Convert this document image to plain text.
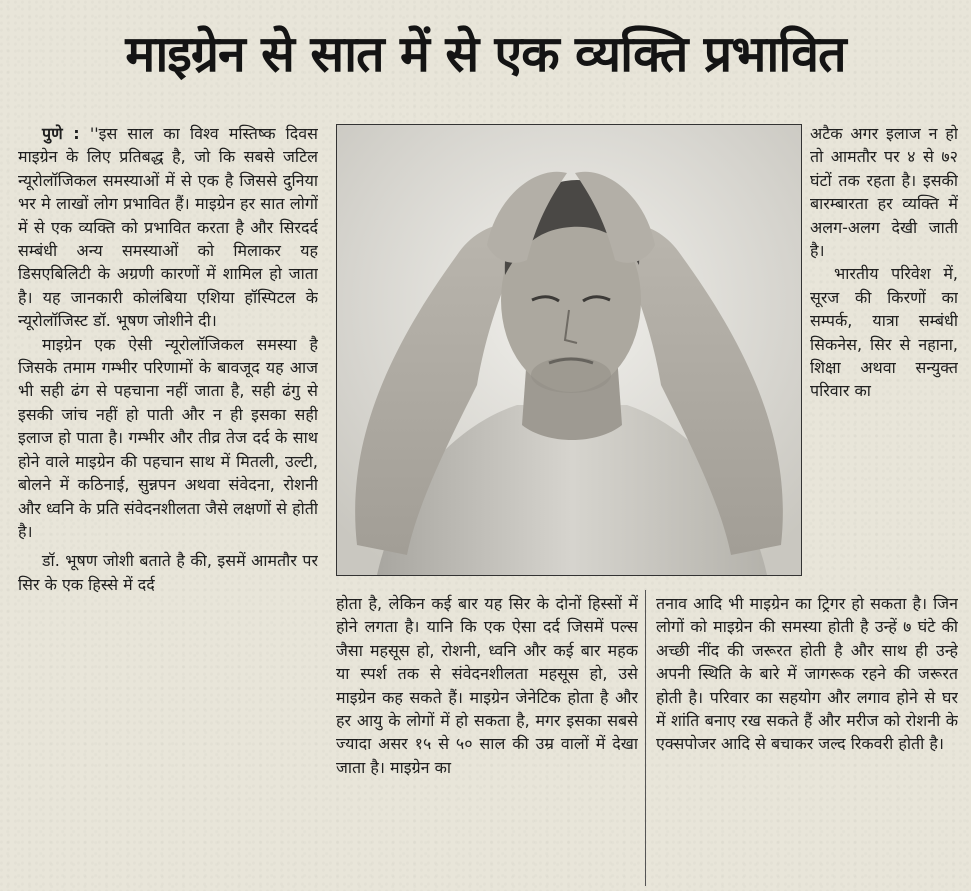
माइग्रेन से सात में से एक व्यक्ति प्रभावित

पुणे : ''इस साल का विश्व मस्तिष्क दिवस माइग्रेन के लिए प्रतिबद्ध है, जो कि सबसे जटिल न्यूरोलॉजिकल समस्याओं में से एक है जिससे दुनिया भर मे लाखों लोग प्रभावित हैं। माइग्रेन हर सात लोगों में से एक व्यक्ति को प्रभावित करता है और सिरदर्द सम्बंधी अन्य समस्याओं को मिलाकर यह डिसएबिलिटी के अग्रणी कारणों में शामिल हो जाता है। यह जानकारी कोलंबिया एशिया हॉस्पिटल के न्यूरोलॉजिस्ट डॉ. भूषण जोशीने दी।

माइग्रेन एक ऐसी न्यूरोलॉजिकल समस्या है जिसके तमाम गम्भीर परिणामों के बावजूद यह आज भी सही ढंग से पहचाना नहीं जाता है, सही ढंगु से इसकी जांच नहीं हो पाती और न ही इसका सही इलाज हो पाता है। गम्भीर और तीव्र तेज दर्द के साथ होने वाले माइग्रेन की पहचान साथ में मितली, उल्टी, बोलने में कठिनाई, सुन्नपन अथवा संवेदना, रोशनी और ध्वनि के प्रति संवेदनशीलता जैसे लक्षणों से होती है।

डॉ. भूषण जोशी बताते है की, इसमें आमतौर पर सिर के एक हिस्से में दर्द

अटैक अगर इलाज न हो तो आमतौर पर ४ से ७२ घंटों तक रहता है। इसकी बारम्बारता हर व्यक्ति में अलग-अलग देखी जाती है।

भारतीय परिवेश में, सूरज की किरणों का सम्पर्क, यात्रा सम्बंधी सिकनेस, सिर से नहाना, शिक्षा अथवा सन्युक्त परिवार का

होता है, लेकिन कई बार यह सिर के दोनों हिस्सों में होने लगता है। यानि कि एक ऐसा दर्द जिसमें पल्स जैसा महसूस हो, रोशनी, ध्वनि और कई बार महक या स्पर्श तक से संवेदनशीलता महसूस हो, उसे माइग्रेन कह सकते हैं। माइग्रेन जेनेटिक होता है और हर आयु के लोगों में हो सकता है, मगर इसका सबसे ज्यादा असर १५ से ५० साल की उम्र वालों में देखा जाता है। माइग्रेन का

तनाव आदि भी माइग्रेन का ट्रिगर हो सकता है। जिन लोगों को माइग्रेन की समस्या होती है उन्हें ७ घंटे की अच्छी नींद की जरूरत होती है और साथ ही उन्हे अपनी स्थिति के बारे में जागरूक रहने की जरूरत होती है। परिवार का सहयोग और लगाव होने से घर में शांति बनाए रख सकते हैं और मरीज को रोशनी के एक्सपोजर आदि से बचाकर जल्द रिकवरी होती है।
